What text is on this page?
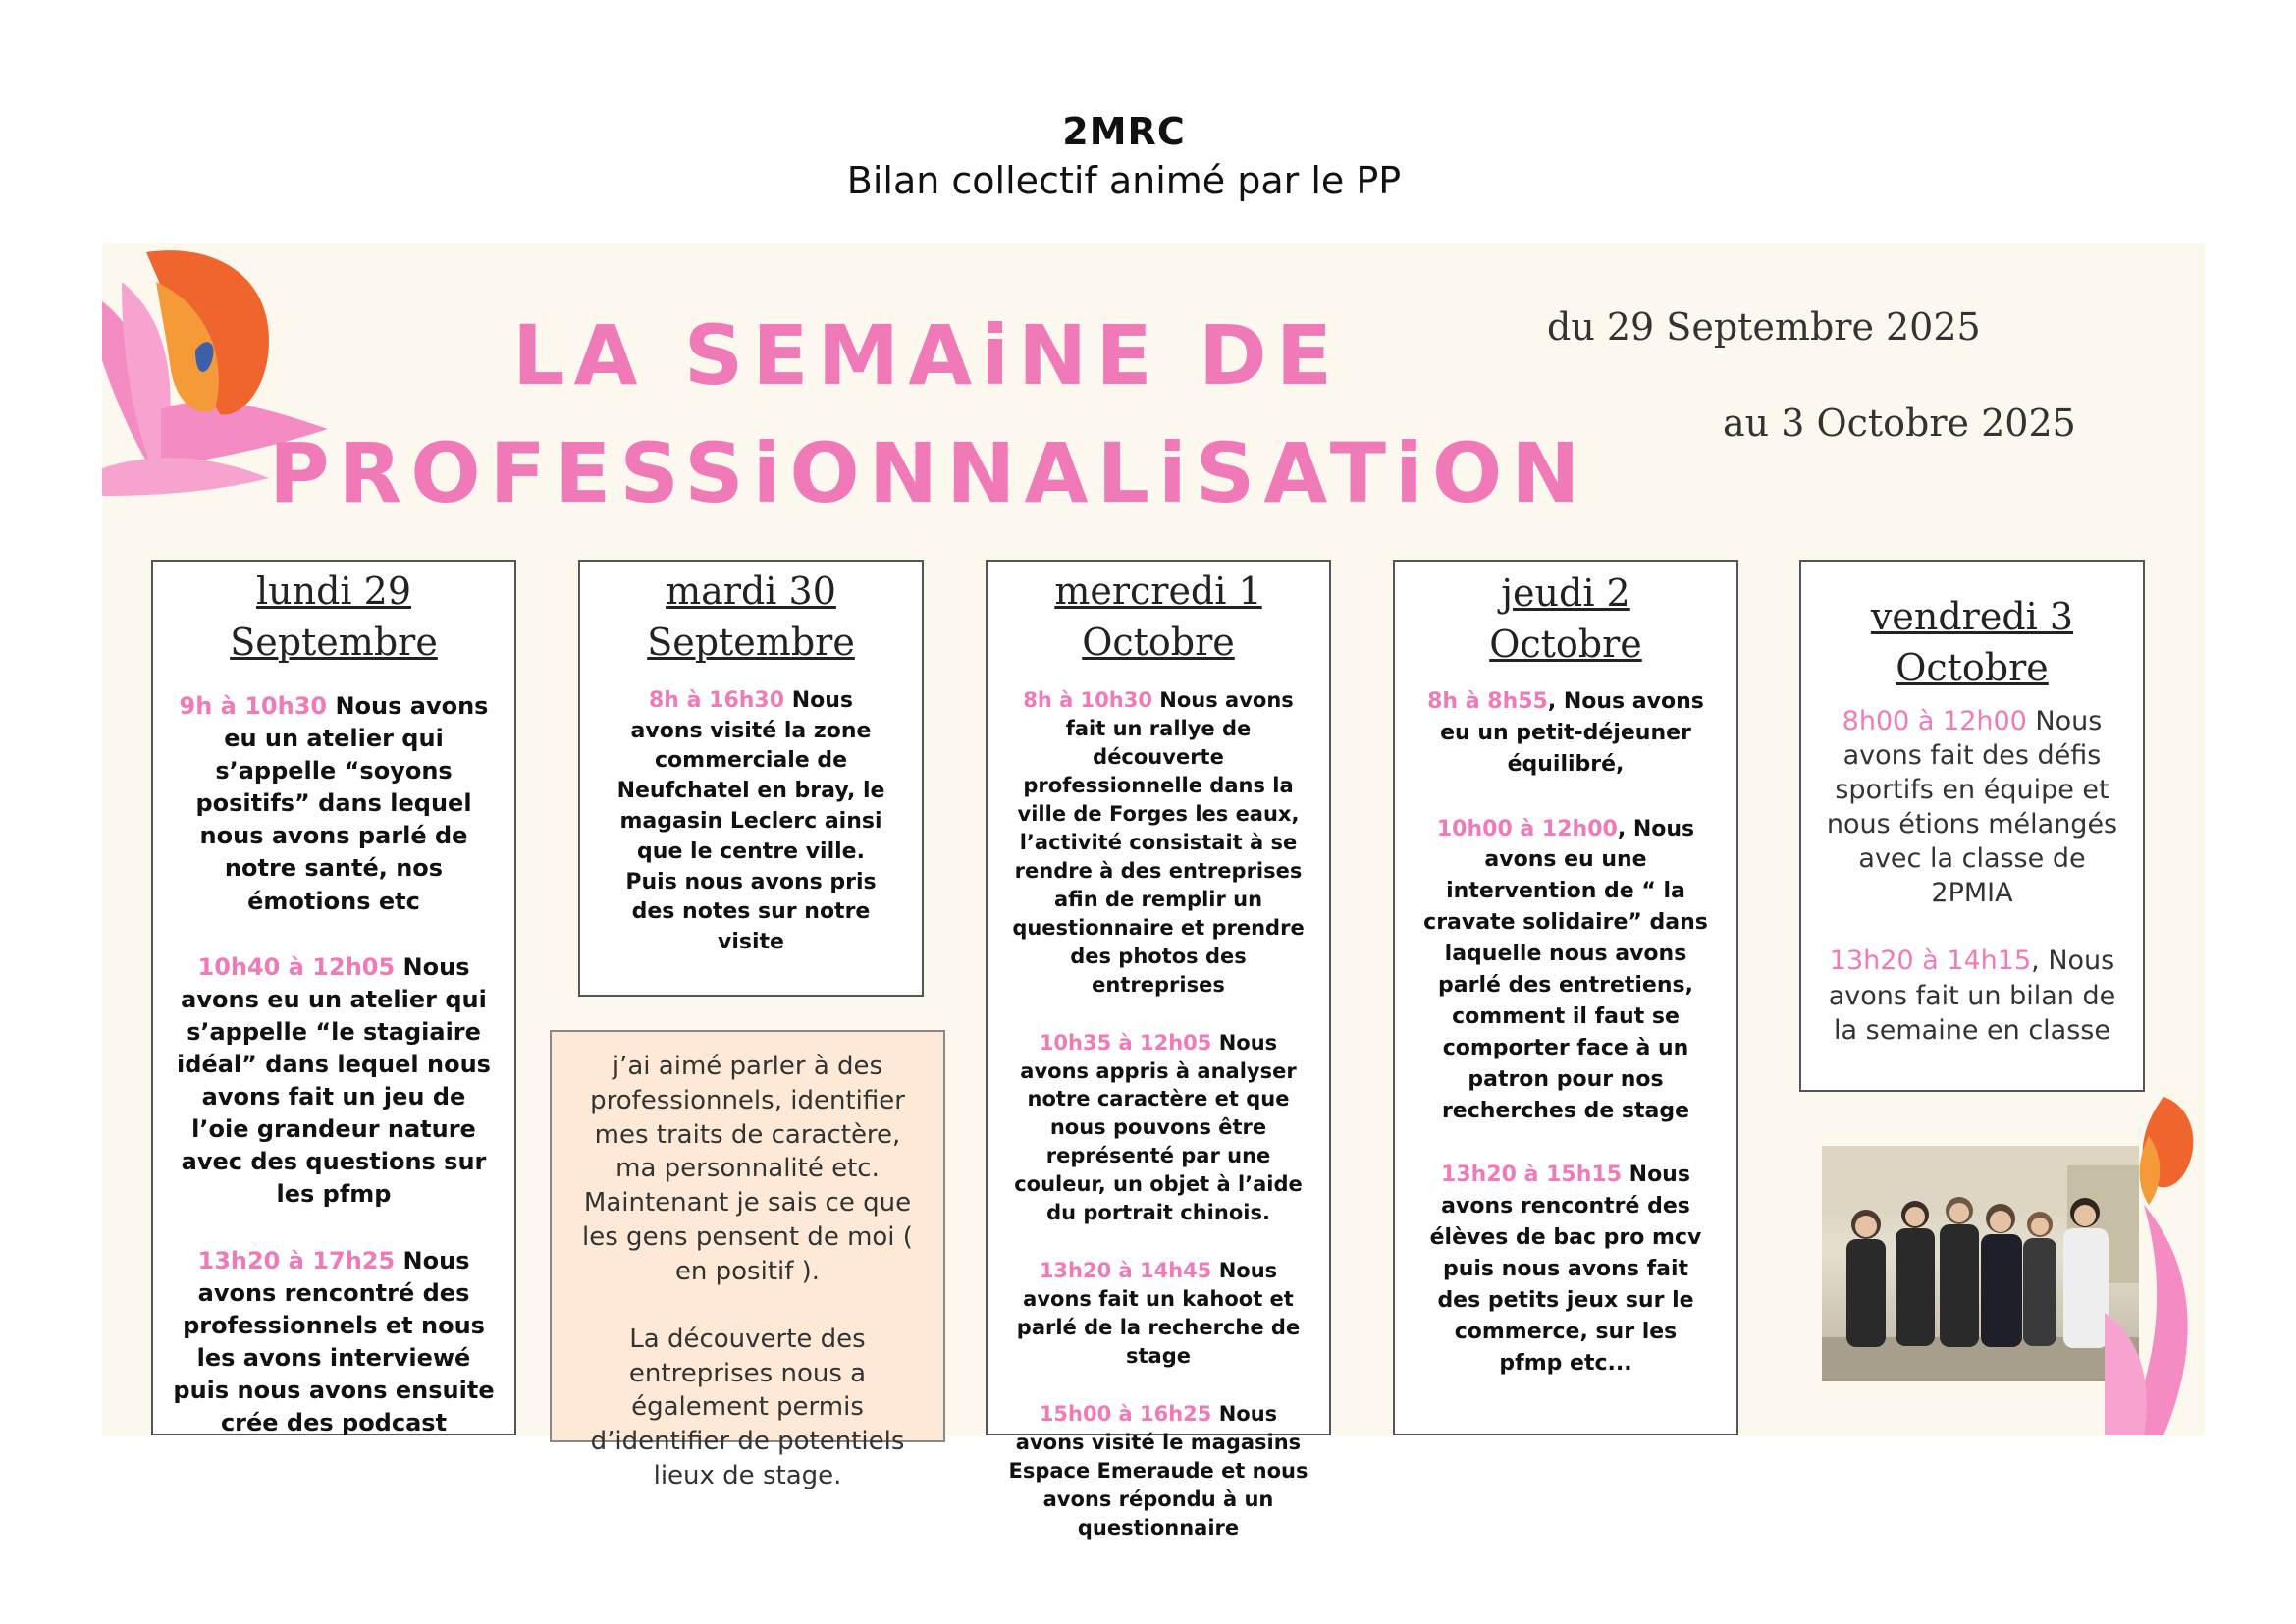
2MRC
Bilan collectif animé par le PP
LA SEMAiNE DE
PROFESSiONNALiSATiON
du 29 Septembre 2025
au 3 Octobre 2025
lundi 29
Septembre

9h à 10h30 Nous avons eu un atelier qui s’appelle “soyons positifs” dans lequel nous avons parlé de notre santé, nos émotions etc

10h40 à 12h05 Nous avons eu un atelier qui s’appelle “le stagiaire idéal” dans lequel nous avons fait un jeu de l’oie grandeur nature avec des questions sur les pfmp

13h20 à 17h25 Nous avons rencontré des professionnels et nous les avons interviewé puis nous avons ensuite crée des podcast

mardi 30
Septembre

8h à 16h30 Nous avons visité la zone commerciale de Neufchatel en bray, le magasin Leclerc ainsi que le centre ville. Puis nous avons pris des notes sur notre visite

j’ai aimé parler à des professionnels, identifier mes traits de caractère, ma personnalité etc. Maintenant je sais ce que les gens pensent de moi ( en positif ).

La découverte des entreprises nous a également permis d’identifier de potentiels lieux de stage.

mercredi 1
Octobre

8h à 10h30 Nous avons fait un rallye de découverte professionnelle dans la ville de Forges les eaux, l’activité consistait à se rendre à des entreprises afin de remplir un questionnaire et prendre des photos des entreprises

10h35 à 12h05 Nous avons appris à analyser notre caractère et que nous pouvons être représenté par une couleur, un objet à l’aide du portrait chinois.

13h20 à 14h45 Nous avons fait un kahoot et parlé de la recherche de stage

15h00 à 16h25 Nous avons visité le magasins Espace Emeraude et nous avons répondu à un questionnaire

jeudi 2
Octobre

8h à 8h55, Nous avons eu un petit-déjeuner équilibré,

10h00 à 12h00, Nous avons eu une intervention de “ la cravate solidaire” dans laquelle nous avons parlé des entretiens, comment il faut se comporter face à un patron pour nos recherches de stage

13h20 à 15h15 Nous avons rencontré des élèves de bac pro mcv puis nous avons fait des petits jeux sur le commerce, sur les pfmp etc...

vendredi 3
Octobre

8h00 à 12h00 Nous avons fait des défis sportifs en équipe et nous étions mélangés avec la classe de 2PMIA

13h20 à 14h15, Nous avons fait un bilan de la semaine en classe
